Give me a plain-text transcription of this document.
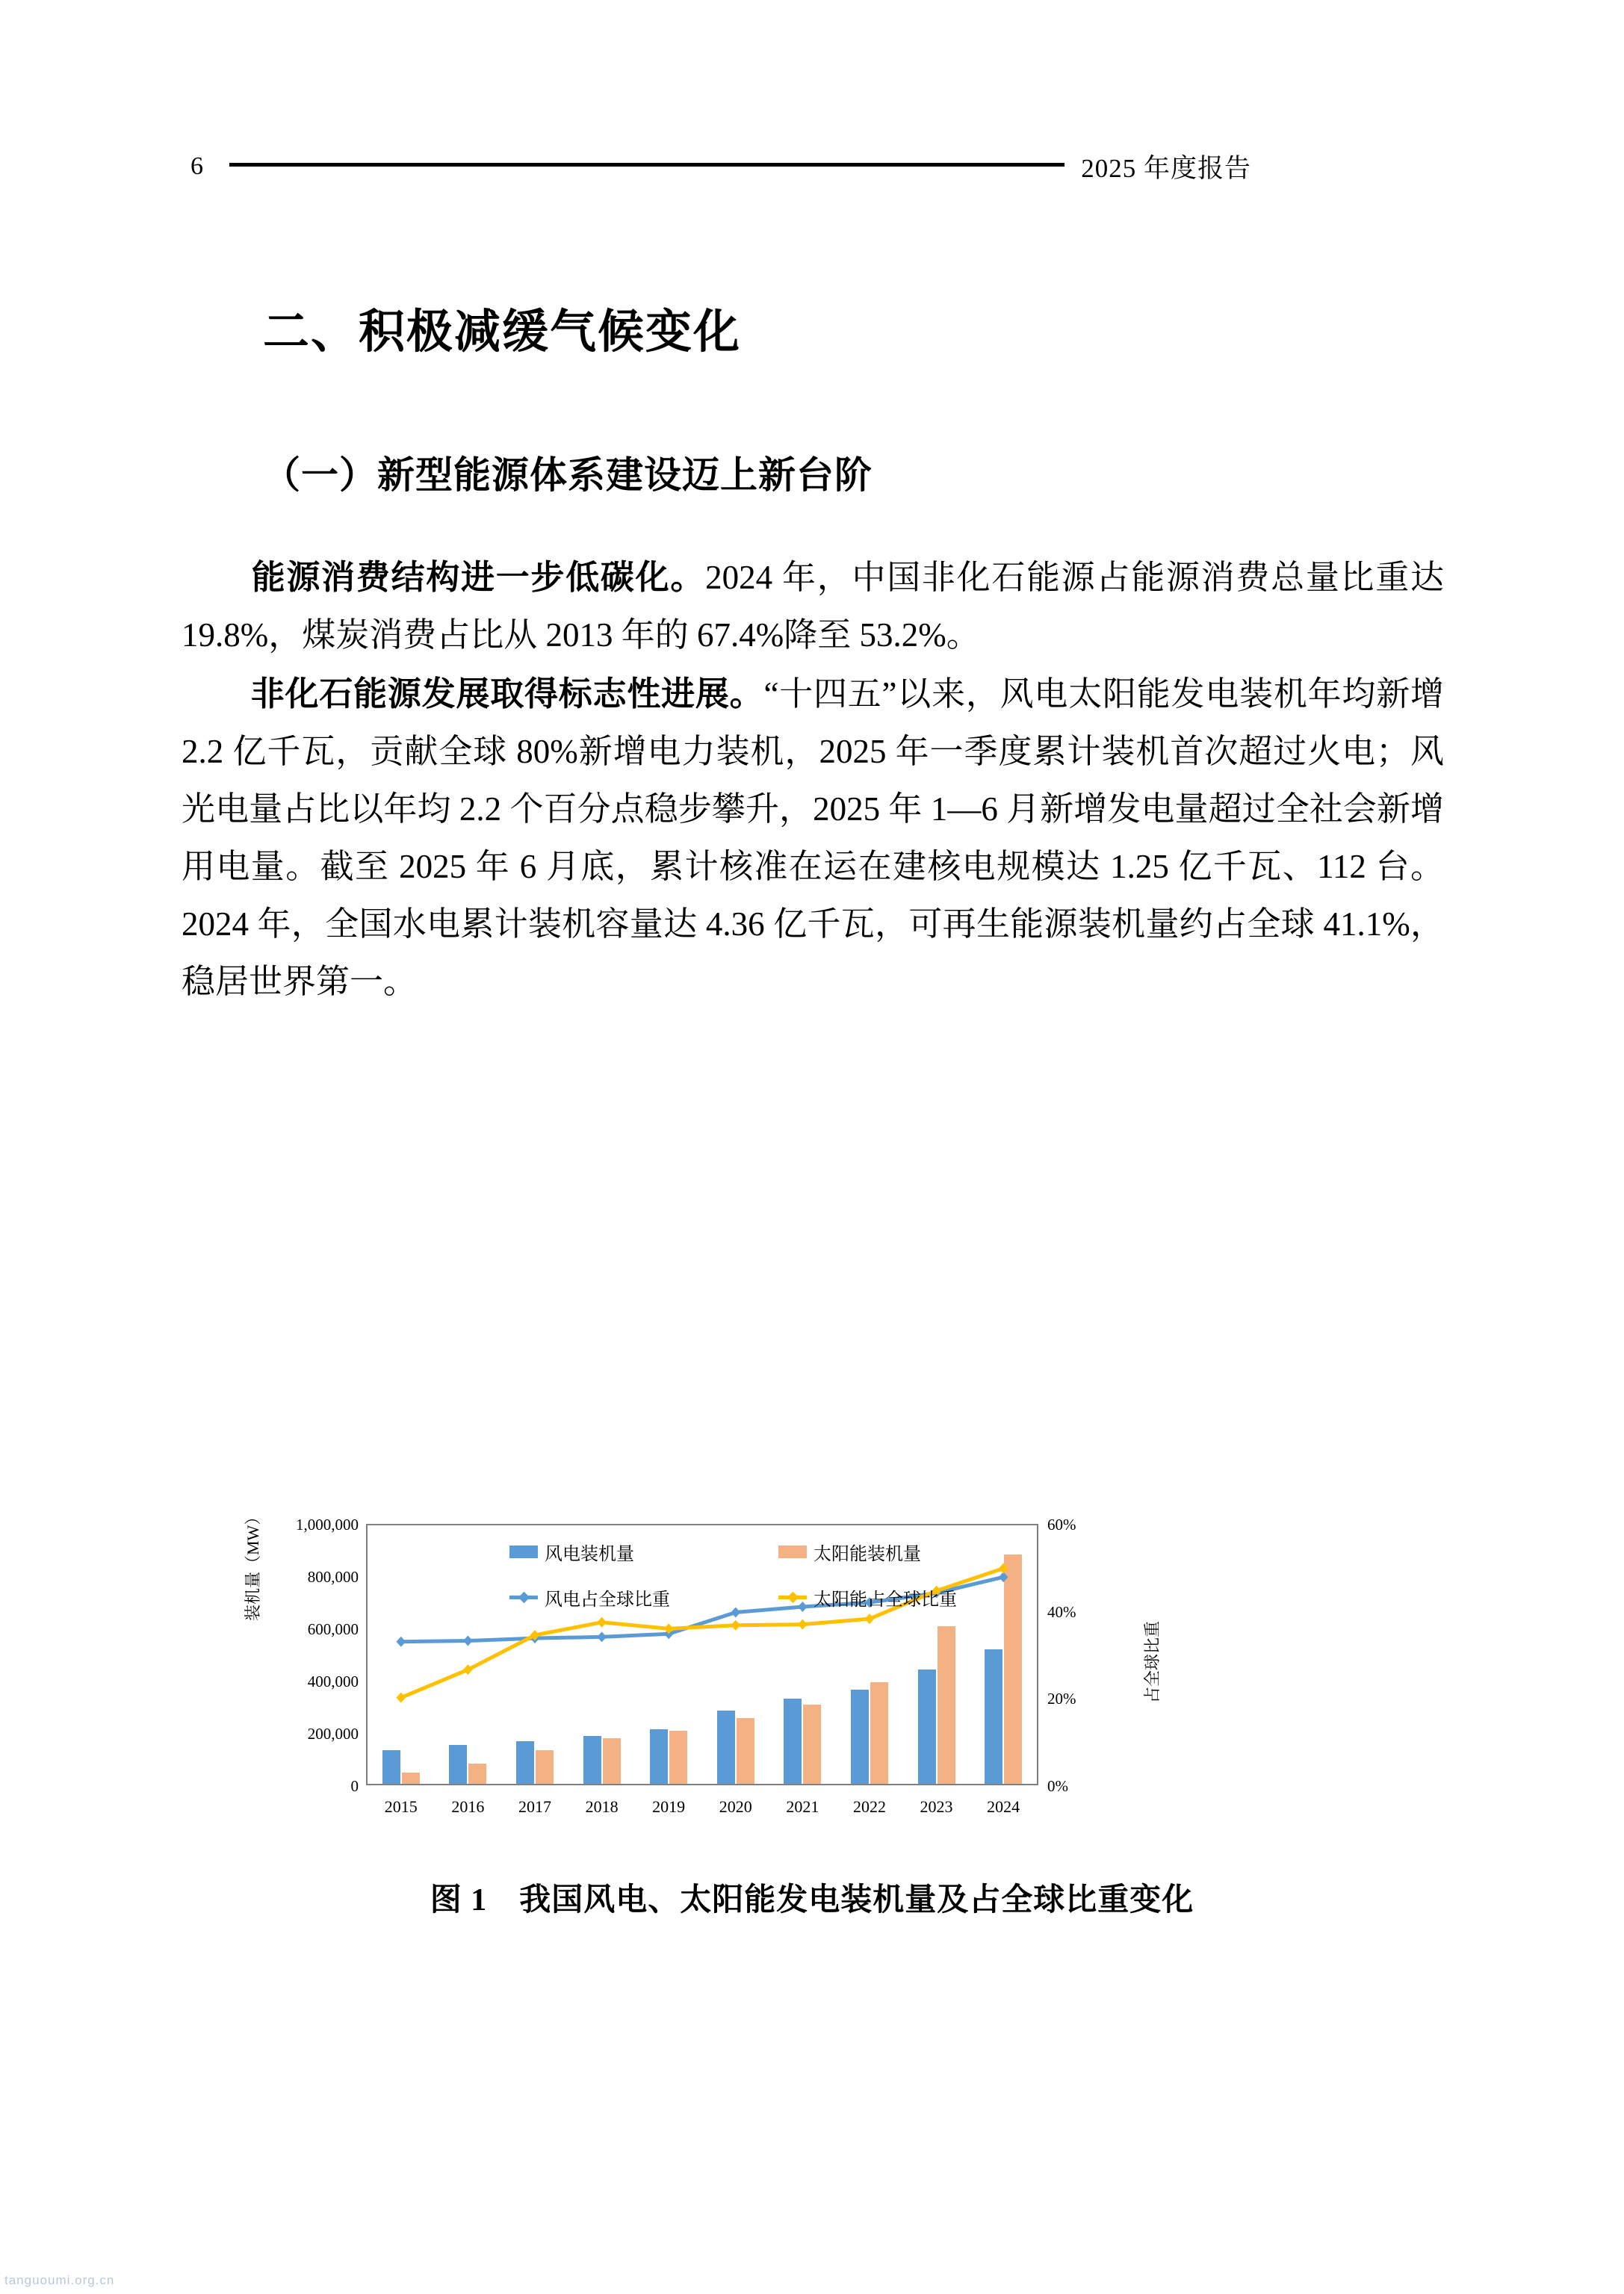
6	2025 年度报告
二、积极减缓气候变化
（一）新型能源体系建设迈上新台阶

能源消费结构进一步低碳化。2024 年，中国非化石能源占能源消费总量比重达 19.8%，煤炭消费占比从 2013 年的 67.4%降至 53.2%。

非化石能源发展取得标志性进展。“十四五”以来，风电太阳能发电装机年均新增 2.2 亿千瓦，贡献全球 80%新增电力装机，2025 年一季度累计装机首次超过火电；风光电量占比以年均 2.2 个百分点稳步攀升，2025 年 1—6 月新增发电量超过全社会新增用电量。截至 2025 年 6 月底，累计核准在运在建核电规模达 1.25 亿千瓦、112 台。2024 年，全国水电累计装机容量达 4.36 亿千瓦，可再生能源装机量约占全球 41.1%，稳居世界第一。

装机量（MW）
占全球比重
0
200,000
400,000
600,000
800,000
1,000,000
0%
20%
40%
60%
2015	2016	2017	2018	2019	2020	2021	2022	2023	2024
风电装机量	太阳能装机量
风电占全球比重	太阳能占全球比重
图 1　我国风电、太阳能发电装机量及占全球比重变化
tanguoumi.org.cn
